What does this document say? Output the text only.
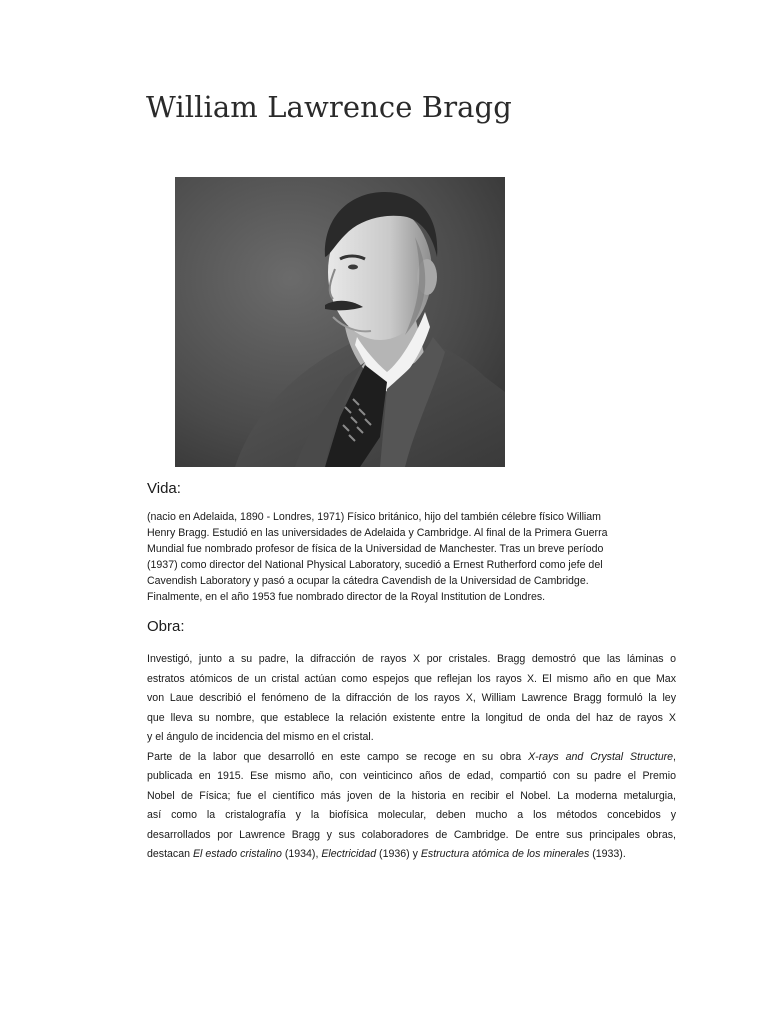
William Lawrence Bragg
Vida:
(nacio en Adelaida, 1890 - Londres, 1971) Físico británico, hijo del también célebre físico William
Henry Bragg. Estudió en las universidades de Adelaida y Cambridge. Al final de la Primera Guerra
Mundial fue nombrado profesor de física de la Universidad de Manchester. Tras un breve período
(1937) como director del National Physical Laboratory, sucedió a Ernest Rutherford como jefe del
Cavendish Laboratory y pasó a ocupar la cátedra Cavendish de la Universidad de Cambridge.
Finalmente, en el año 1953 fue nombrado director de la Royal Institution de Londres.
Obra:
Investigó, junto a su padre, la difracción de rayos X por cristales. Bragg demostró que las láminas o
estratos atómicos de un cristal actúan como espejos que reflejan los rayos X. El mismo año en que Max
von Laue describió el fenómeno de la difracción de los rayos X, William Lawrence Bragg formuló la ley
que lleva su nombre, que establece la relación existente entre la longitud de onda del haz de rayos X
y el ángulo de incidencia del mismo en el cristal.
Parte de la labor que desarrolló en este campo se recoge en su obra X-rays and Crystal Structure,
publicada en 1915. Ese mismo año, con veinticinco años de edad, compartió con su padre el Premio
Nobel de Física; fue el científico más joven de la historia en recibir el Nobel. La moderna metalurgia,
así como la cristalografía y la biofísica molecular, deben mucho a los métodos concebidos y
desarrollados por Lawrence Bragg y sus colaboradores de Cambridge. De entre sus principales obras,
destacan El estado cristalino (1934), Electricidad (1936) y Estructura atómica de los minerales (1933).
